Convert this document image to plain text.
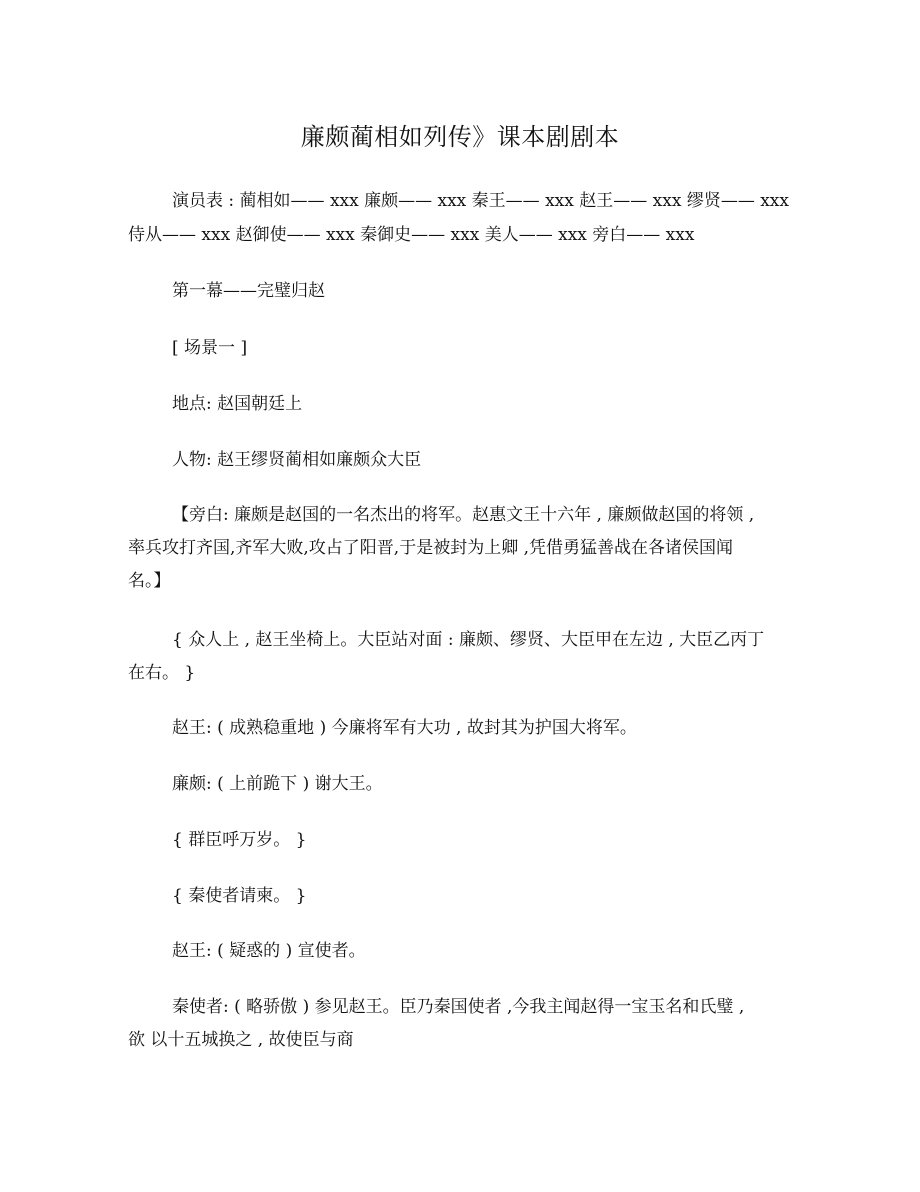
廉颇蔺相如列传》课本剧剧本
演员表 : 蔺相如—— xxx 廉颇—— xxx 秦王—— xxx 赵王—— xxx 缪贤—— xxx
侍从—— xxx 赵御使—— xxx 秦御史—— xxx 美人—— xxx 旁白—— xxx
第一幕——完璧归赵
[ 场景一 ]
地点: 赵国朝廷上
人物: 赵王缪贤蔺相如廉颇众大臣
【旁白: 廉颇是赵国的一名杰出的将军。赵惠文王十六年 , 廉颇做赵国的将领 ,
率兵攻打齐国,齐军大败,攻占了阳晋,于是被封为上卿 ,凭借勇猛善战在各诸侯国闻
名。】
{ 众人上 , 赵王坐椅上。大臣站对面 : 廉颇、缪贤、大臣甲在左边 , 大臣乙丙丁
在右。 }
赵王: ( 成熟稳重地 ) 今廉将军有大功 , 故封其为护国大将军。
廉颇: ( 上前跪下 ) 谢大王。
{ 群臣呼万岁。 }
{ 秦使者请柬。 }
赵王: ( 疑惑的 ) 宣使者。
秦使者: ( 略骄傲 ) 参见赵王。臣乃秦国使者 ,今我主闻赵得一宝玉名和氏璧 ,
欲 以十五城换之 , 故使臣与商
